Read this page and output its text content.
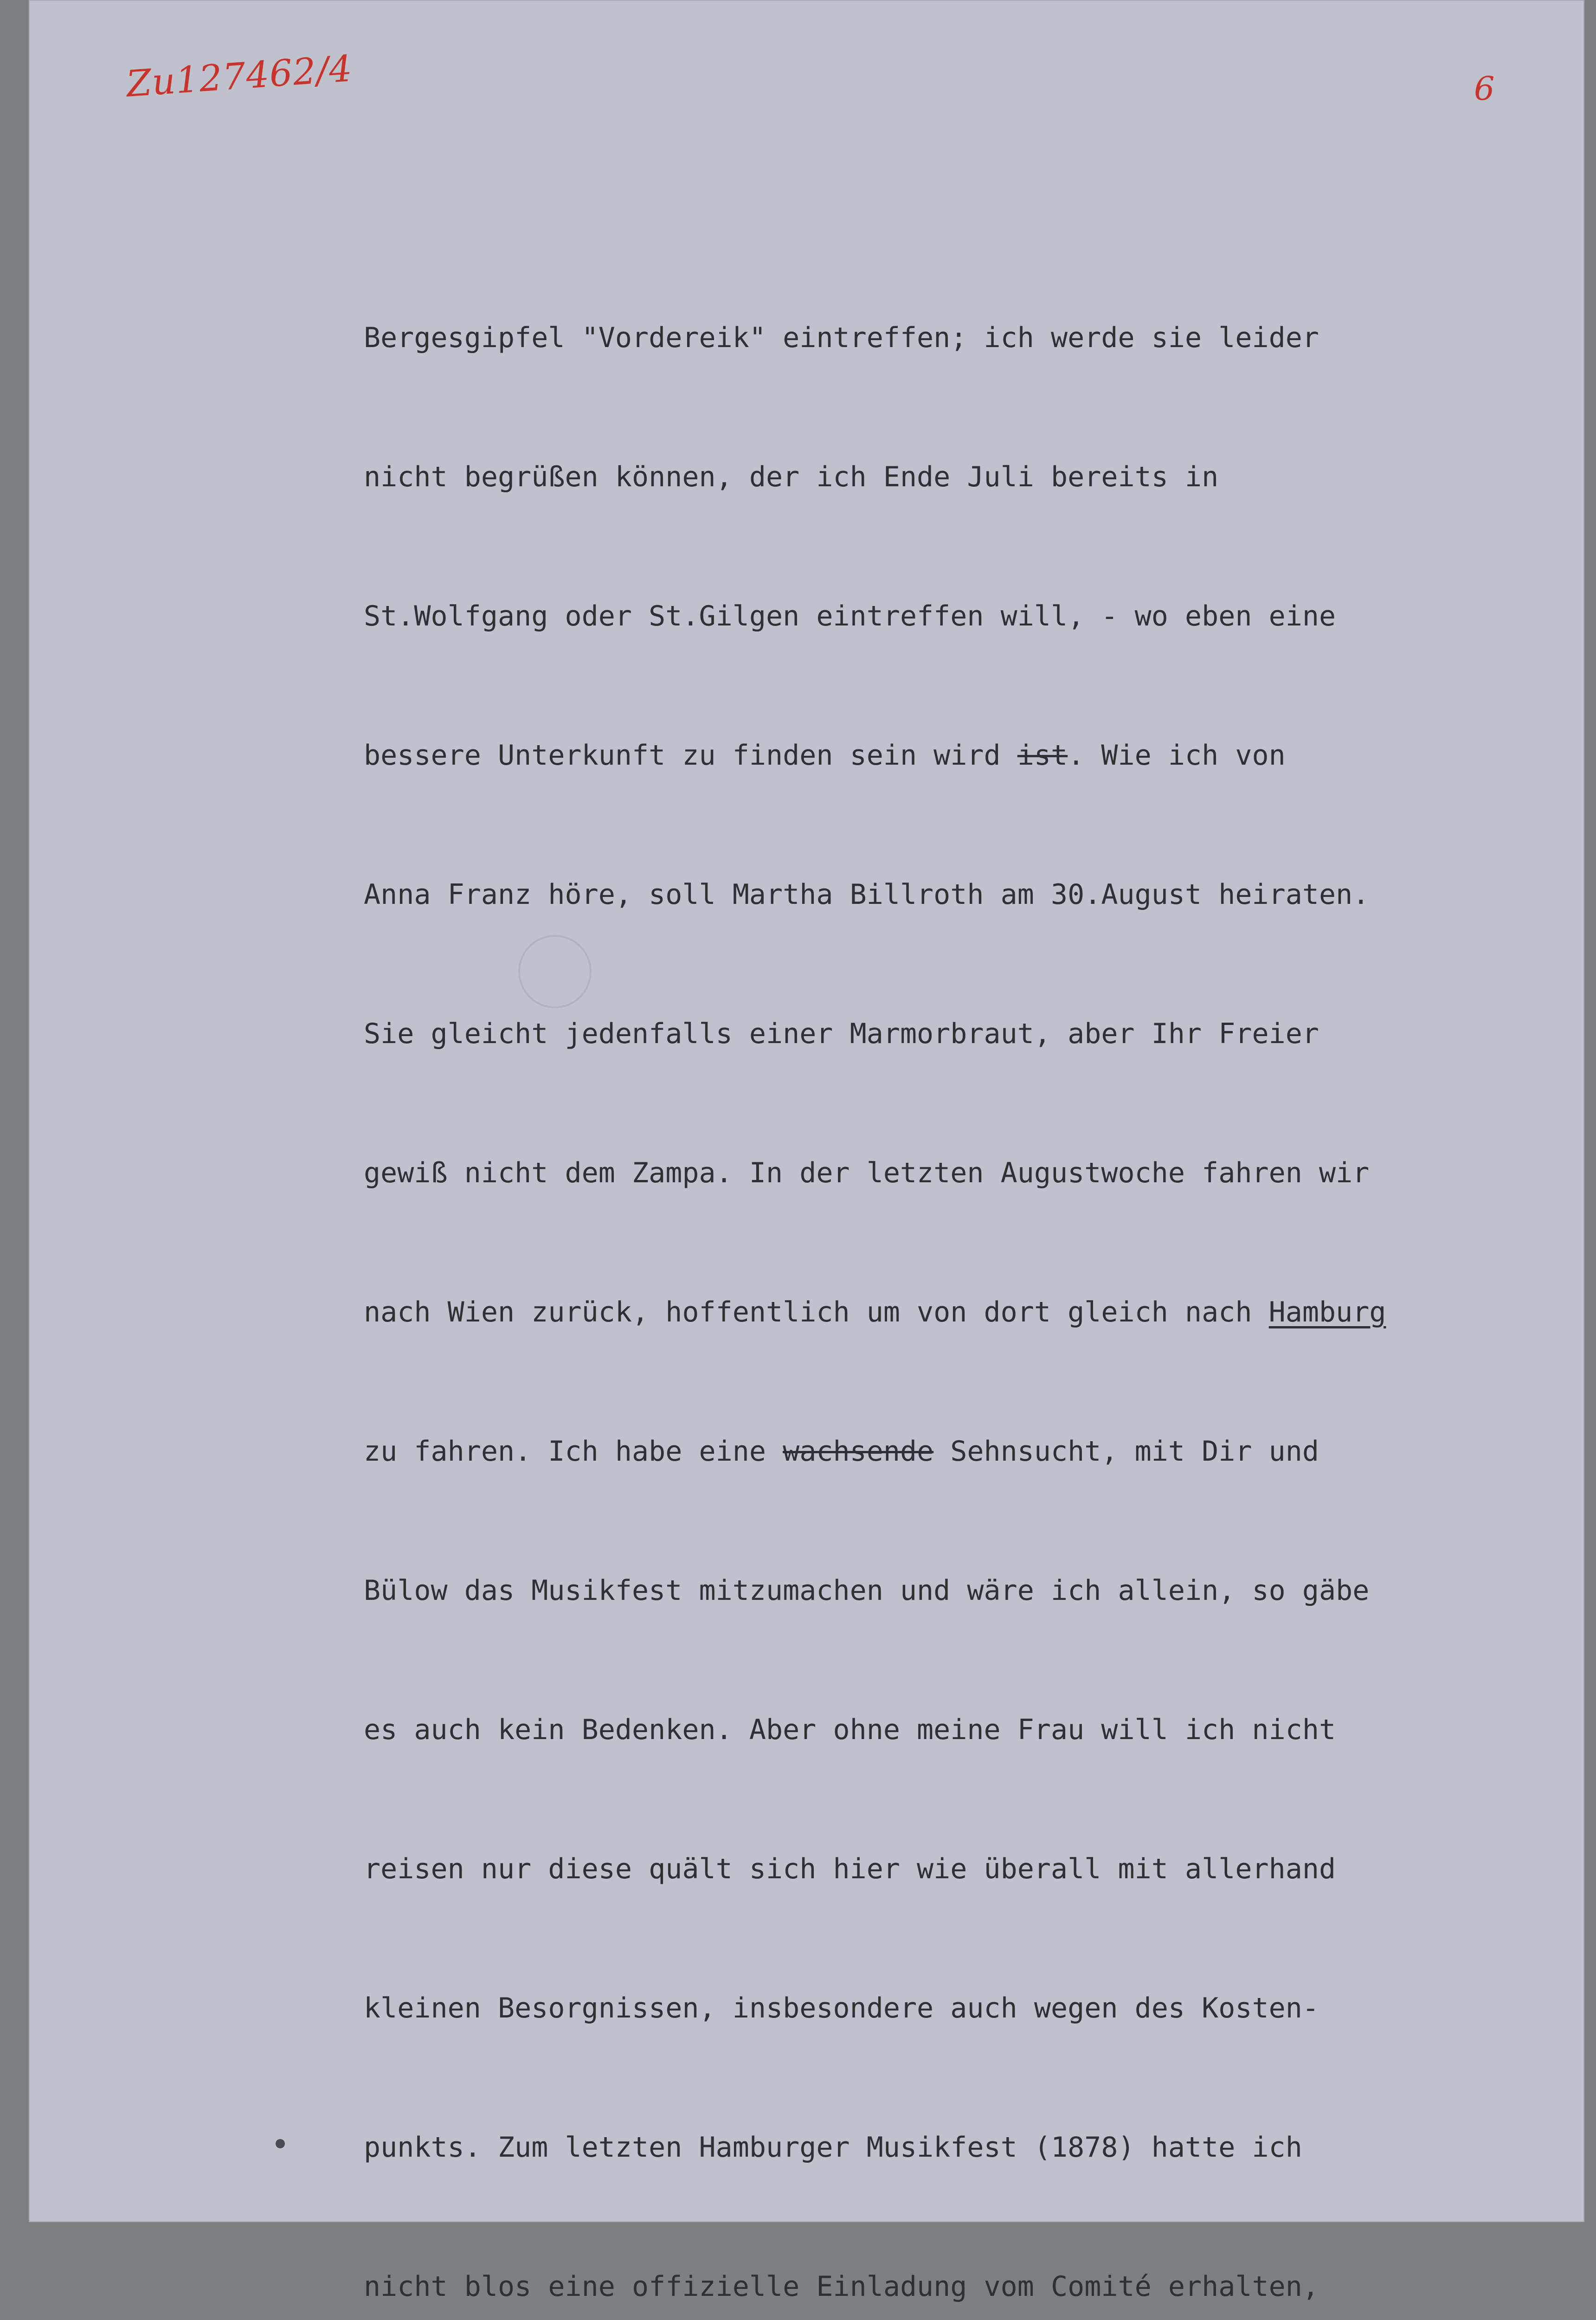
Zu127462/4	6

Bergesgipfel "Vordereik" eintreffen; ich werde sie leider

nicht begrüßen können, der ich Ende Juli bereits in

St.Wolfgang oder St.Gilgen eintreffen will, - wo eben eine

bessere Unterkunft zu finden sein wird ist. Wie ich von

Anna Franz höre, soll Martha Billroth am 30.August heiraten.

Sie gleicht jedenfalls einer Marmorbraut, aber Ihr Freier

gewiß nicht dem Zampa. In der letzten Augustwoche fahren wir

nach Wien zurück, hoffentlich um von dort gleich nach Hamburg

zu fahren. Ich habe eine wachsende Sehnsucht, mit Dir und

Bülow das Musikfest mitzumachen und wäre ich allein, so gäbe

es auch kein Bedenken. Aber ohne meine Frau will ich nicht

reisen nur diese quält sich hier wie überall mit allerhand

kleinen Besorgnissen, insbesondere auch wegen des Kosten-

punkts. Zum letzten Hamburger Musikfest (1878) hatte ich

nicht blos eine offizielle Einladung vom Comité erhalten,
